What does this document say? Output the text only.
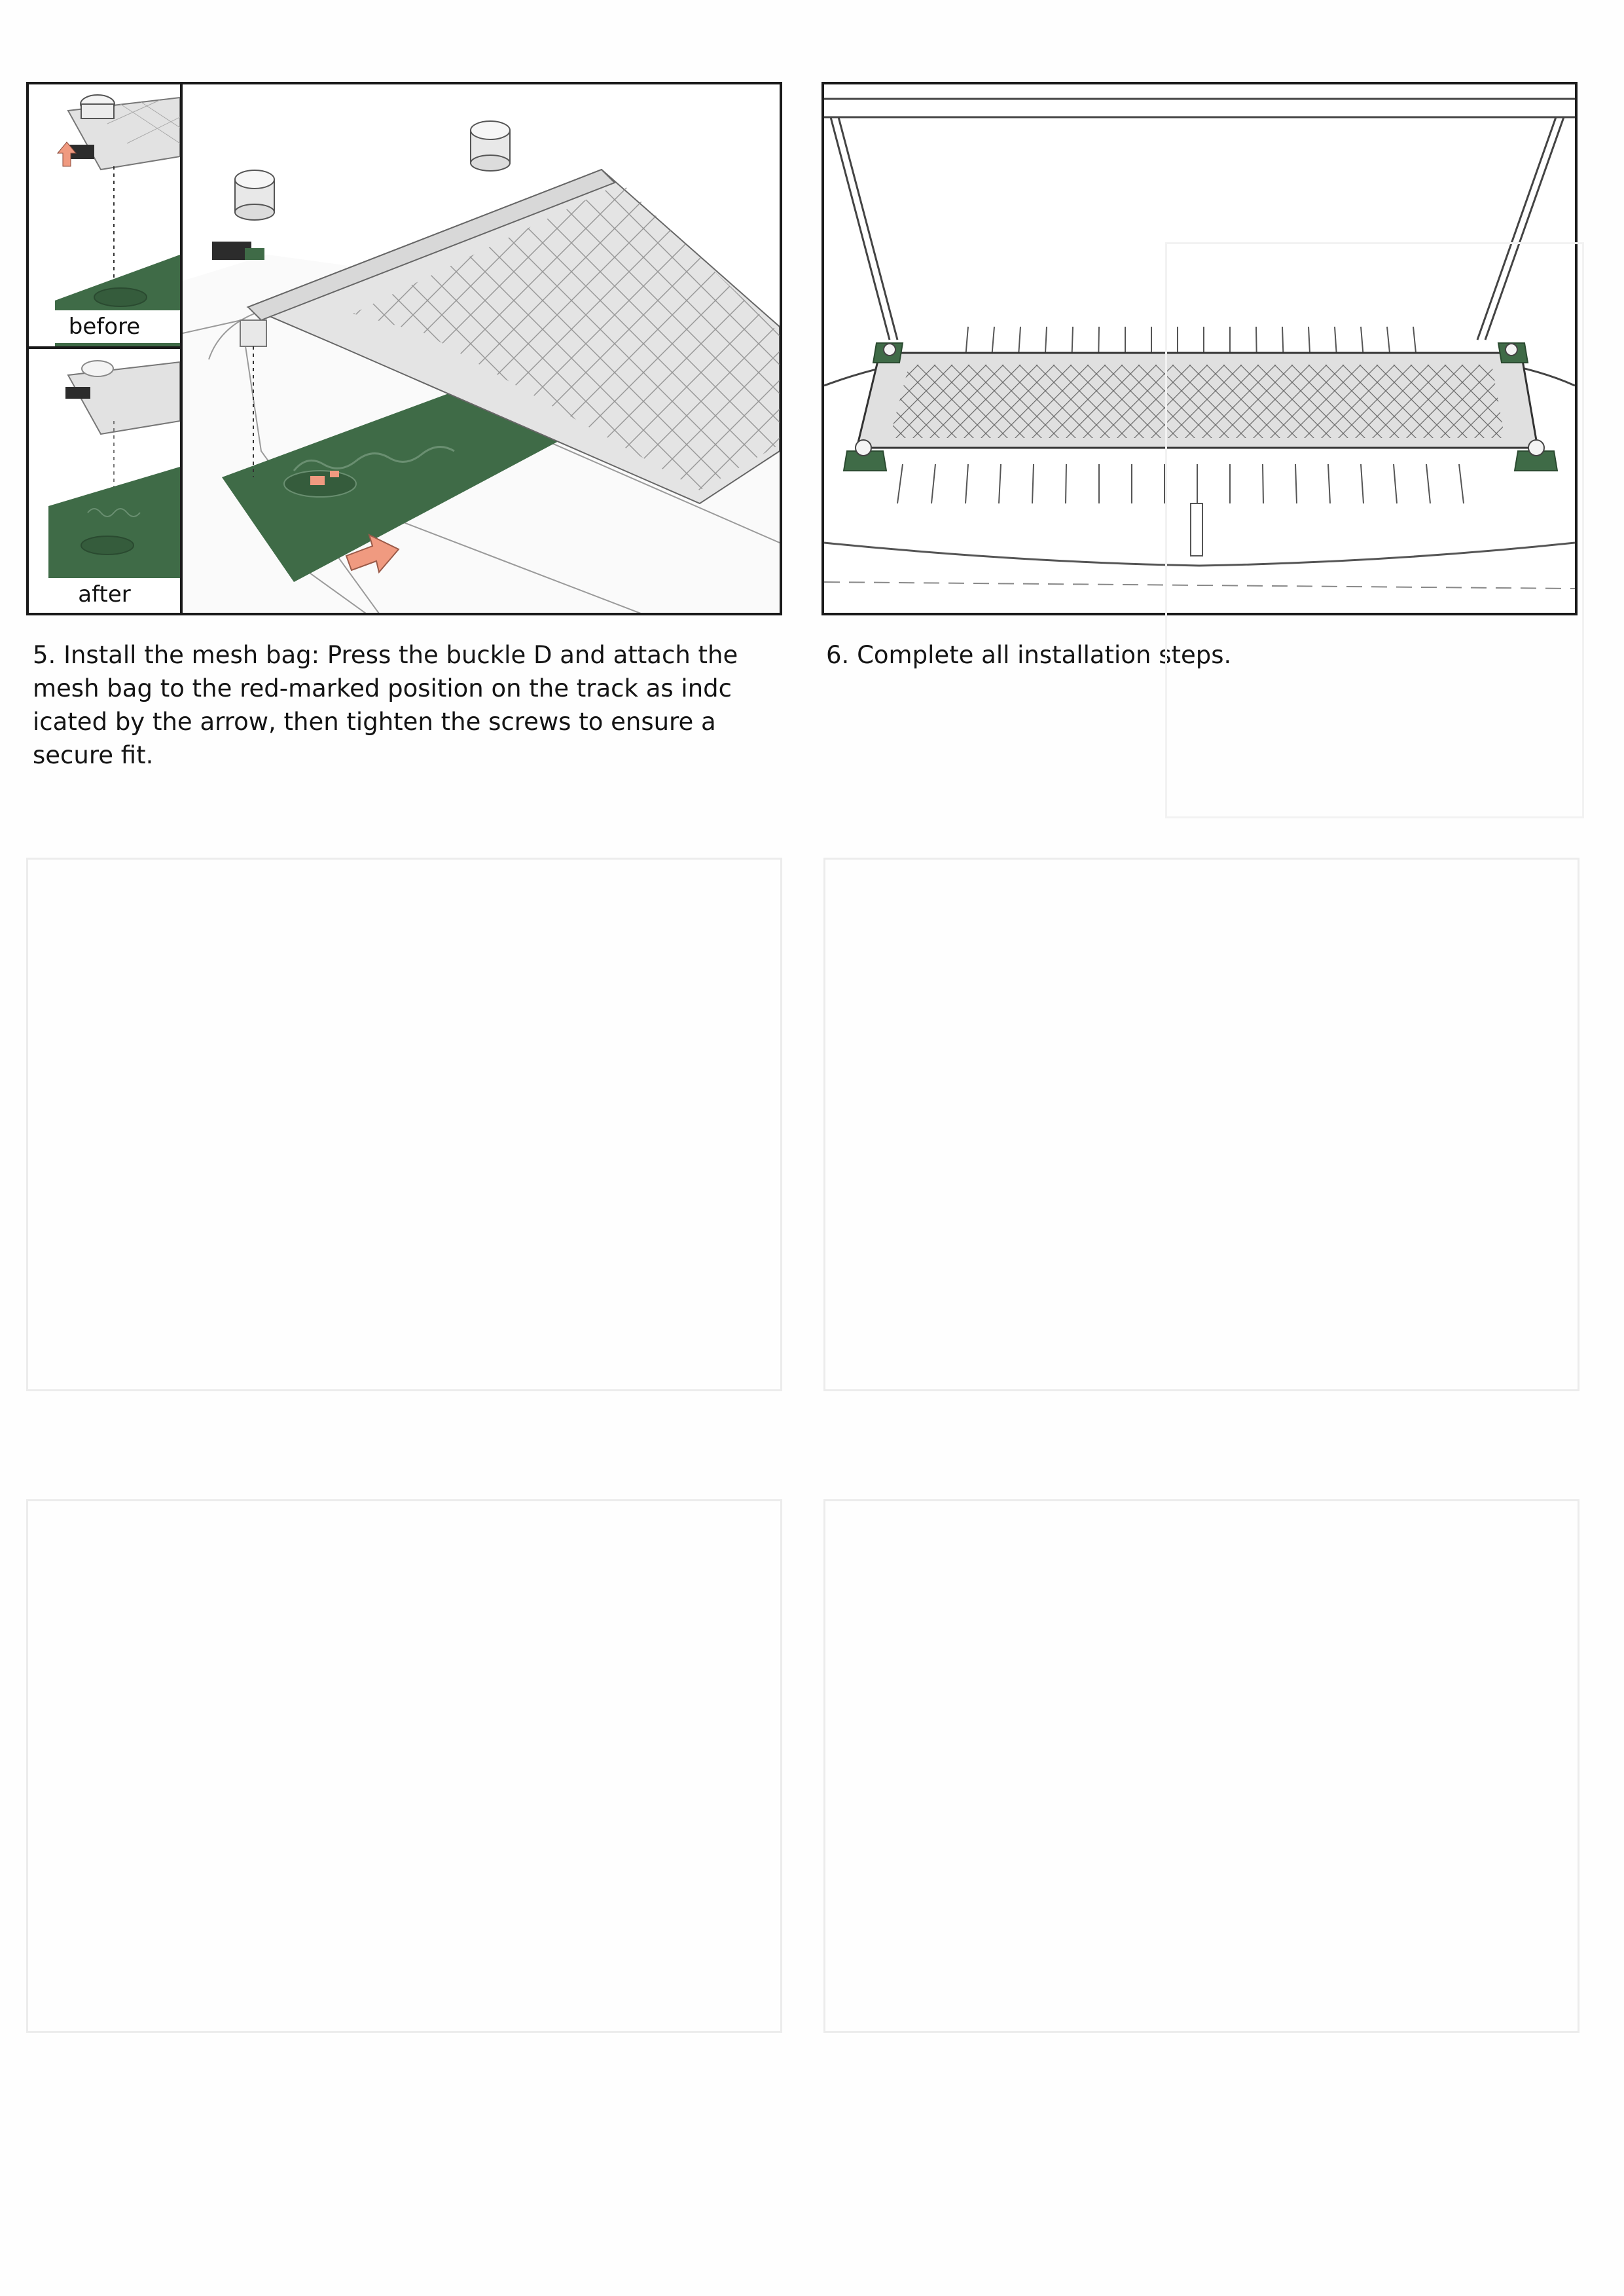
before
after
5. Install the mesh bag: Press the buckle D and attach the
mesh bag to the red-marked position on the track as indc
icated by the arrow, then tighten the screws to ensure a
secure fit.
6. Complete all installation steps.
